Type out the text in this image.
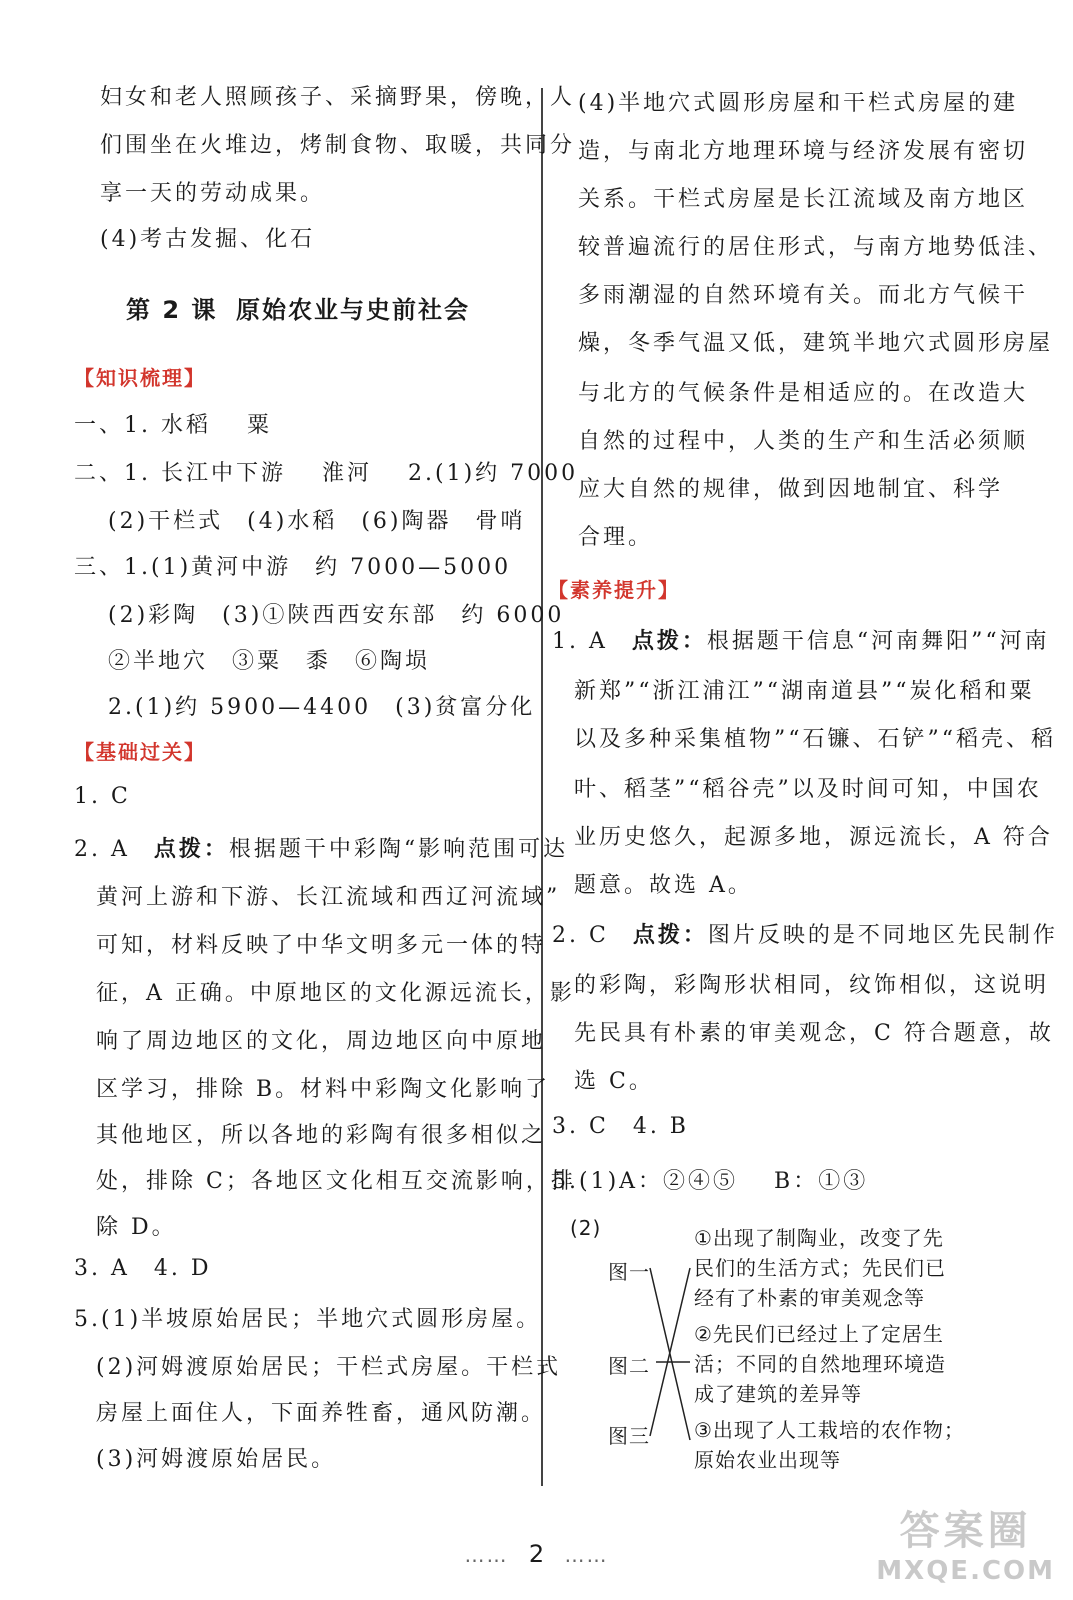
妇女和老人照顾孩子、采摘野果，傍晚，人
们围坐在火堆边，烤制食物、取暖，共同分
享一天的劳动成果。
(4)考古发掘、化石
第 2 课 原始农业与史前社会
【知识梳理】
一、1. 水稻 粟
二、1. 长江中下游 淮河 2.(1)约 7000
(2)干栏式 (4)水稻 (6)陶器 骨哨
三、1.(1)黄河中游 约 7000—5000
(2)彩陶 (3)①陕西西安东部 约 6000
②半地穴 ③粟 黍 ⑥陶埙
2.(1)约 5900—4400 (3)贫富分化
【基础过关】
1. C
2. A 点拨：根据题干中彩陶“影响范围可达
黄河上游和下游、长江流域和西辽河流域”
可知，材料反映了中华文明多元一体的特
征，A 正确。中原地区的文化源远流长，影
响了周边地区的文化，周边地区向中原地
区学习，排除 B。材料中彩陶文化影响了
其他地区，所以各地的彩陶有很多相似之
处，排除 C；各地区文化相互交流影响，排
除 D。
3. A 4. D
5.(1)半坡原始居民；半地穴式圆形房屋。
(2)河姆渡原始居民；干栏式房屋。干栏式
房屋上面住人，下面养牲畜，通风防潮。
(3)河姆渡原始居民。
(4)半地穴式圆形房屋和干栏式房屋的建
造，与南北方地理环境与经济发展有密切
关系。干栏式房屋是长江流域及南方地区
较普遍流行的居住形式，与南方地势低洼、
多雨潮湿的自然环境有关。而北方气候干
燥，冬季气温又低，建筑半地穴式圆形房屋
与北方的气候条件是相适应的。在改造大
自然的过程中，人类的生产和生活必须顺
应大自然的规律，做到因地制宜、科学
合理。
【素养提升】
1. A 点拨：根据题干信息“河南舞阳”“河南
新郑”“浙江浦江”“湖南道县”“炭化稻和粟
以及多种采集植物”“石镰、石铲”“稻壳、稻
叶、稻茎”“稻谷壳”以及时间可知，中国农
业历史悠久，起源多地，源远流长，A 符合
题意。故选 A。
2. C 点拨：图片反映的是不同地区先民制作
的彩陶，彩陶形状相同，纹饰相似，这说明
先民具有朴素的审美观念，C 符合题意，故
选 C。
3. C 4. B
5.(1)A：②④⑤ B：①③
(2)
图一
图二
图三
①出现了制陶业，改变了先
民们的生活方式；先民们已
经有了朴素的审美观念等
②先民们已经过上了定居生
活；不同的自然地理环境造
成了建筑的差异等
③出现了人工栽培的农作物；
原始农业出现等
…… 2 ……
答案圈
MXQE.COM
